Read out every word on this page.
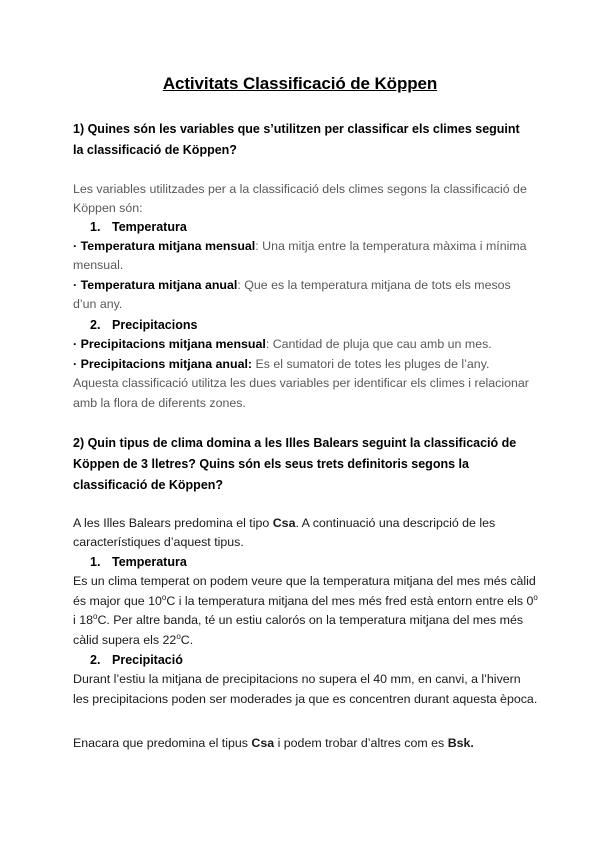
Activitats Classificació de Köppen

1) Quines són les variables que s’utilitzen per classificar els climes seguint la classificació de Köppen?

Les variables utilitzades per a la classificació dels climes segons la classificació de

Köppen són:

1. Temperatura

· Temperatura mitjana mensual: Una mitja entre la temperatura màxima i mínima

mensual.

· Temperatura mitjana anual: Que es la temperatura mitjana de tots els mesos

d’un any.

2. Precipitacions

· Precipitacions mitjana mensual: Cantidad de pluja que cau amb un mes.

· Precipitacions mitjana anual: Es el sumatori de totes les pluges de l’any.

Aquesta classificació utilitza les dues variables per identificar els climes i relacionar

amb la flora de diferents zones.

2) Quin tipus de clima domina a les Illes Balears seguint la classificació de Köppen de 3 lletres? Quins són els seus trets definitoris segons la classificació de Köppen?

A les Illes Balears predomina el tipo Csa. A continuació una descripció de les

característiques d’aquest tipus.

1. Temperatura

Es un clima temperat on podem veure que la temperatura mitjana del mes més càlid

és major que 10$^o$C i la temperatura mitjana del mes més fred està entorn entre els 0$^o$

i 18$^o$C. Per altre banda, té un estiu calorós on la temperatura mitjana del mes més

càlid supera els 22$^o$C.

2. Precipitació

Durant l’estiu la mitjana de precipitacions no supera el 40 mm, en canvi, a l’hivern

les precipitacions poden ser moderades ja que es concentren durant aquesta època.

Enacara que predomina el tipus Csa i podem trobar d’altres com es Bsk.
